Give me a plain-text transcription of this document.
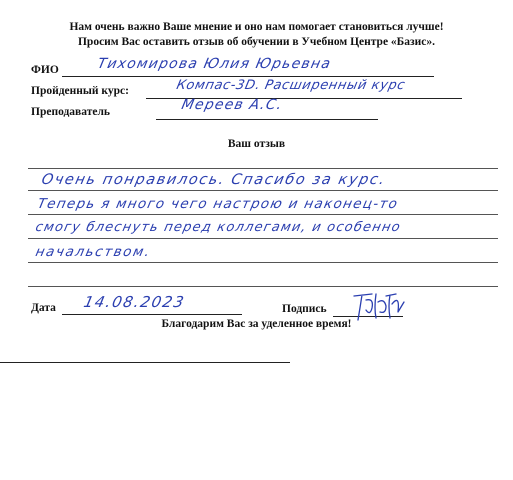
Нам очень важно Ваше мнение и оно нам помогает становиться лучше!
Просим Вас оставить отзыв об обучении в Учебном Центре «Базис».
ФИО	Тихомирова Юлия Юрьевна
Пройденный курс:	Компас-3D. Расширенный курс
Преподаватель	Мереев А.С.
Ваш отзыв
Очень понравилось. Спасибо за курс.
Теперь я много чего настрою и наконец-то
смогу блеснуть перед коллегами, и особенно
начальством.
Дата 14.08.2023	Подпись
Благодарим Вас за уделенное время!
